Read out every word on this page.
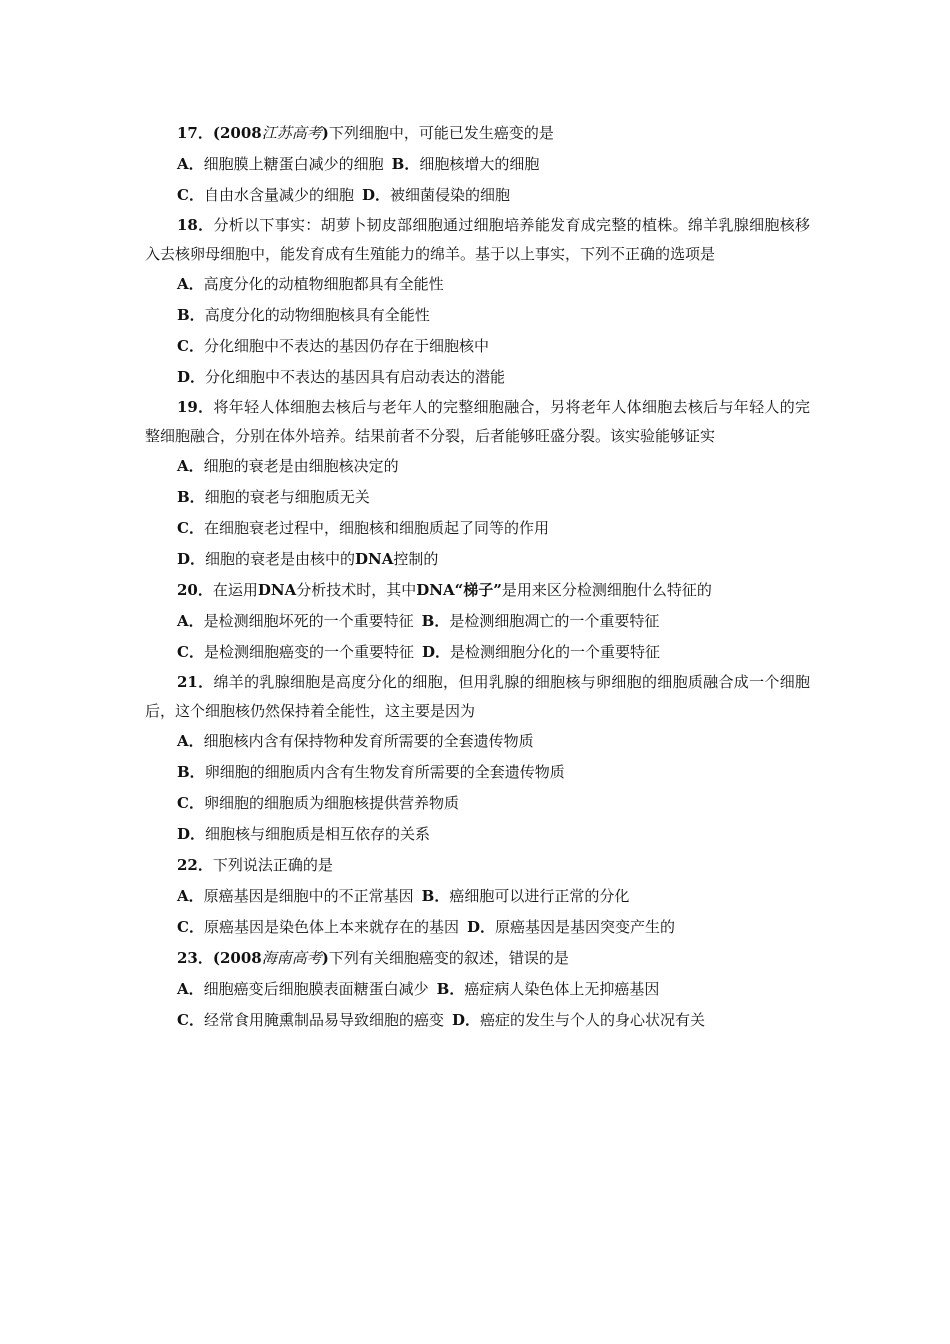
17．(2008江苏高考)下列细胞中，可能已发生癌变的是
A．细胞膜上糖蛋白减少的细胞 B．细胞核增大的细胞
C．自由水含量减少的细胞 D．被细菌侵染的细胞
18．分析以下事实：胡萝卜韧皮部细胞通过细胞培养能发育成完整的植株。绵羊乳腺细胞核移入去核卵母细胞中，能发育成有生殖能力的绵羊。基于以上事实，下列不正确的选项是
A．高度分化的动植物细胞都具有全能性
B．高度分化的动物细胞核具有全能性
C．分化细胞中不表达的基因仍存在于细胞核中
D．分化细胞中不表达的基因具有启动表达的潜能
19．将年轻人体细胞去核后与老年人的完整细胞融合，另将老年人体细胞去核后与年轻人的完整细胞融合，分别在体外培养。结果前者不分裂，后者能够旺盛分裂。该实验能够证实
A．细胞的衰老是由细胞核决定的
B．细胞的衰老与细胞质无关
C．在细胞衰老过程中，细胞核和细胞质起了同等的作用
D．细胞的衰老是由核中的DNA控制的
20．在运用DNA分析技术时，其中DNA“梯子”是用来区分检测细胞什么特征的
A．是检测细胞坏死的一个重要特征 B．是检测细胞凋亡的一个重要特征
C．是检测细胞癌变的一个重要特征 D．是检测细胞分化的一个重要特征
21．绵羊的乳腺细胞是高度分化的细胞，但用乳腺的细胞核与卵细胞的细胞质融合成一个细胞后，这个细胞核仍然保持着全能性，这主要是因为
A．细胞核内含有保持物种发育所需要的全套遗传物质
B．卵细胞的细胞质内含有生物发育所需要的全套遗传物质
C．卵细胞的细胞质为细胞核提供营养物质
D．细胞核与细胞质是相互依存的关系
22．下列说法正确的是
A．原癌基因是细胞中的不正常基因 B．癌细胞可以进行正常的分化
C．原癌基因是染色体上本来就存在的基因 D．原癌基因是基因突变产生的
23．(2008海南高考)下列有关细胞癌变的叙述，错误的是
A．细胞癌变后细胞膜表面糖蛋白减少 B．癌症病人染色体上无抑癌基因
C．经常食用腌熏制品易导致细胞的癌变 D．癌症的发生与个人的身心状况有关
